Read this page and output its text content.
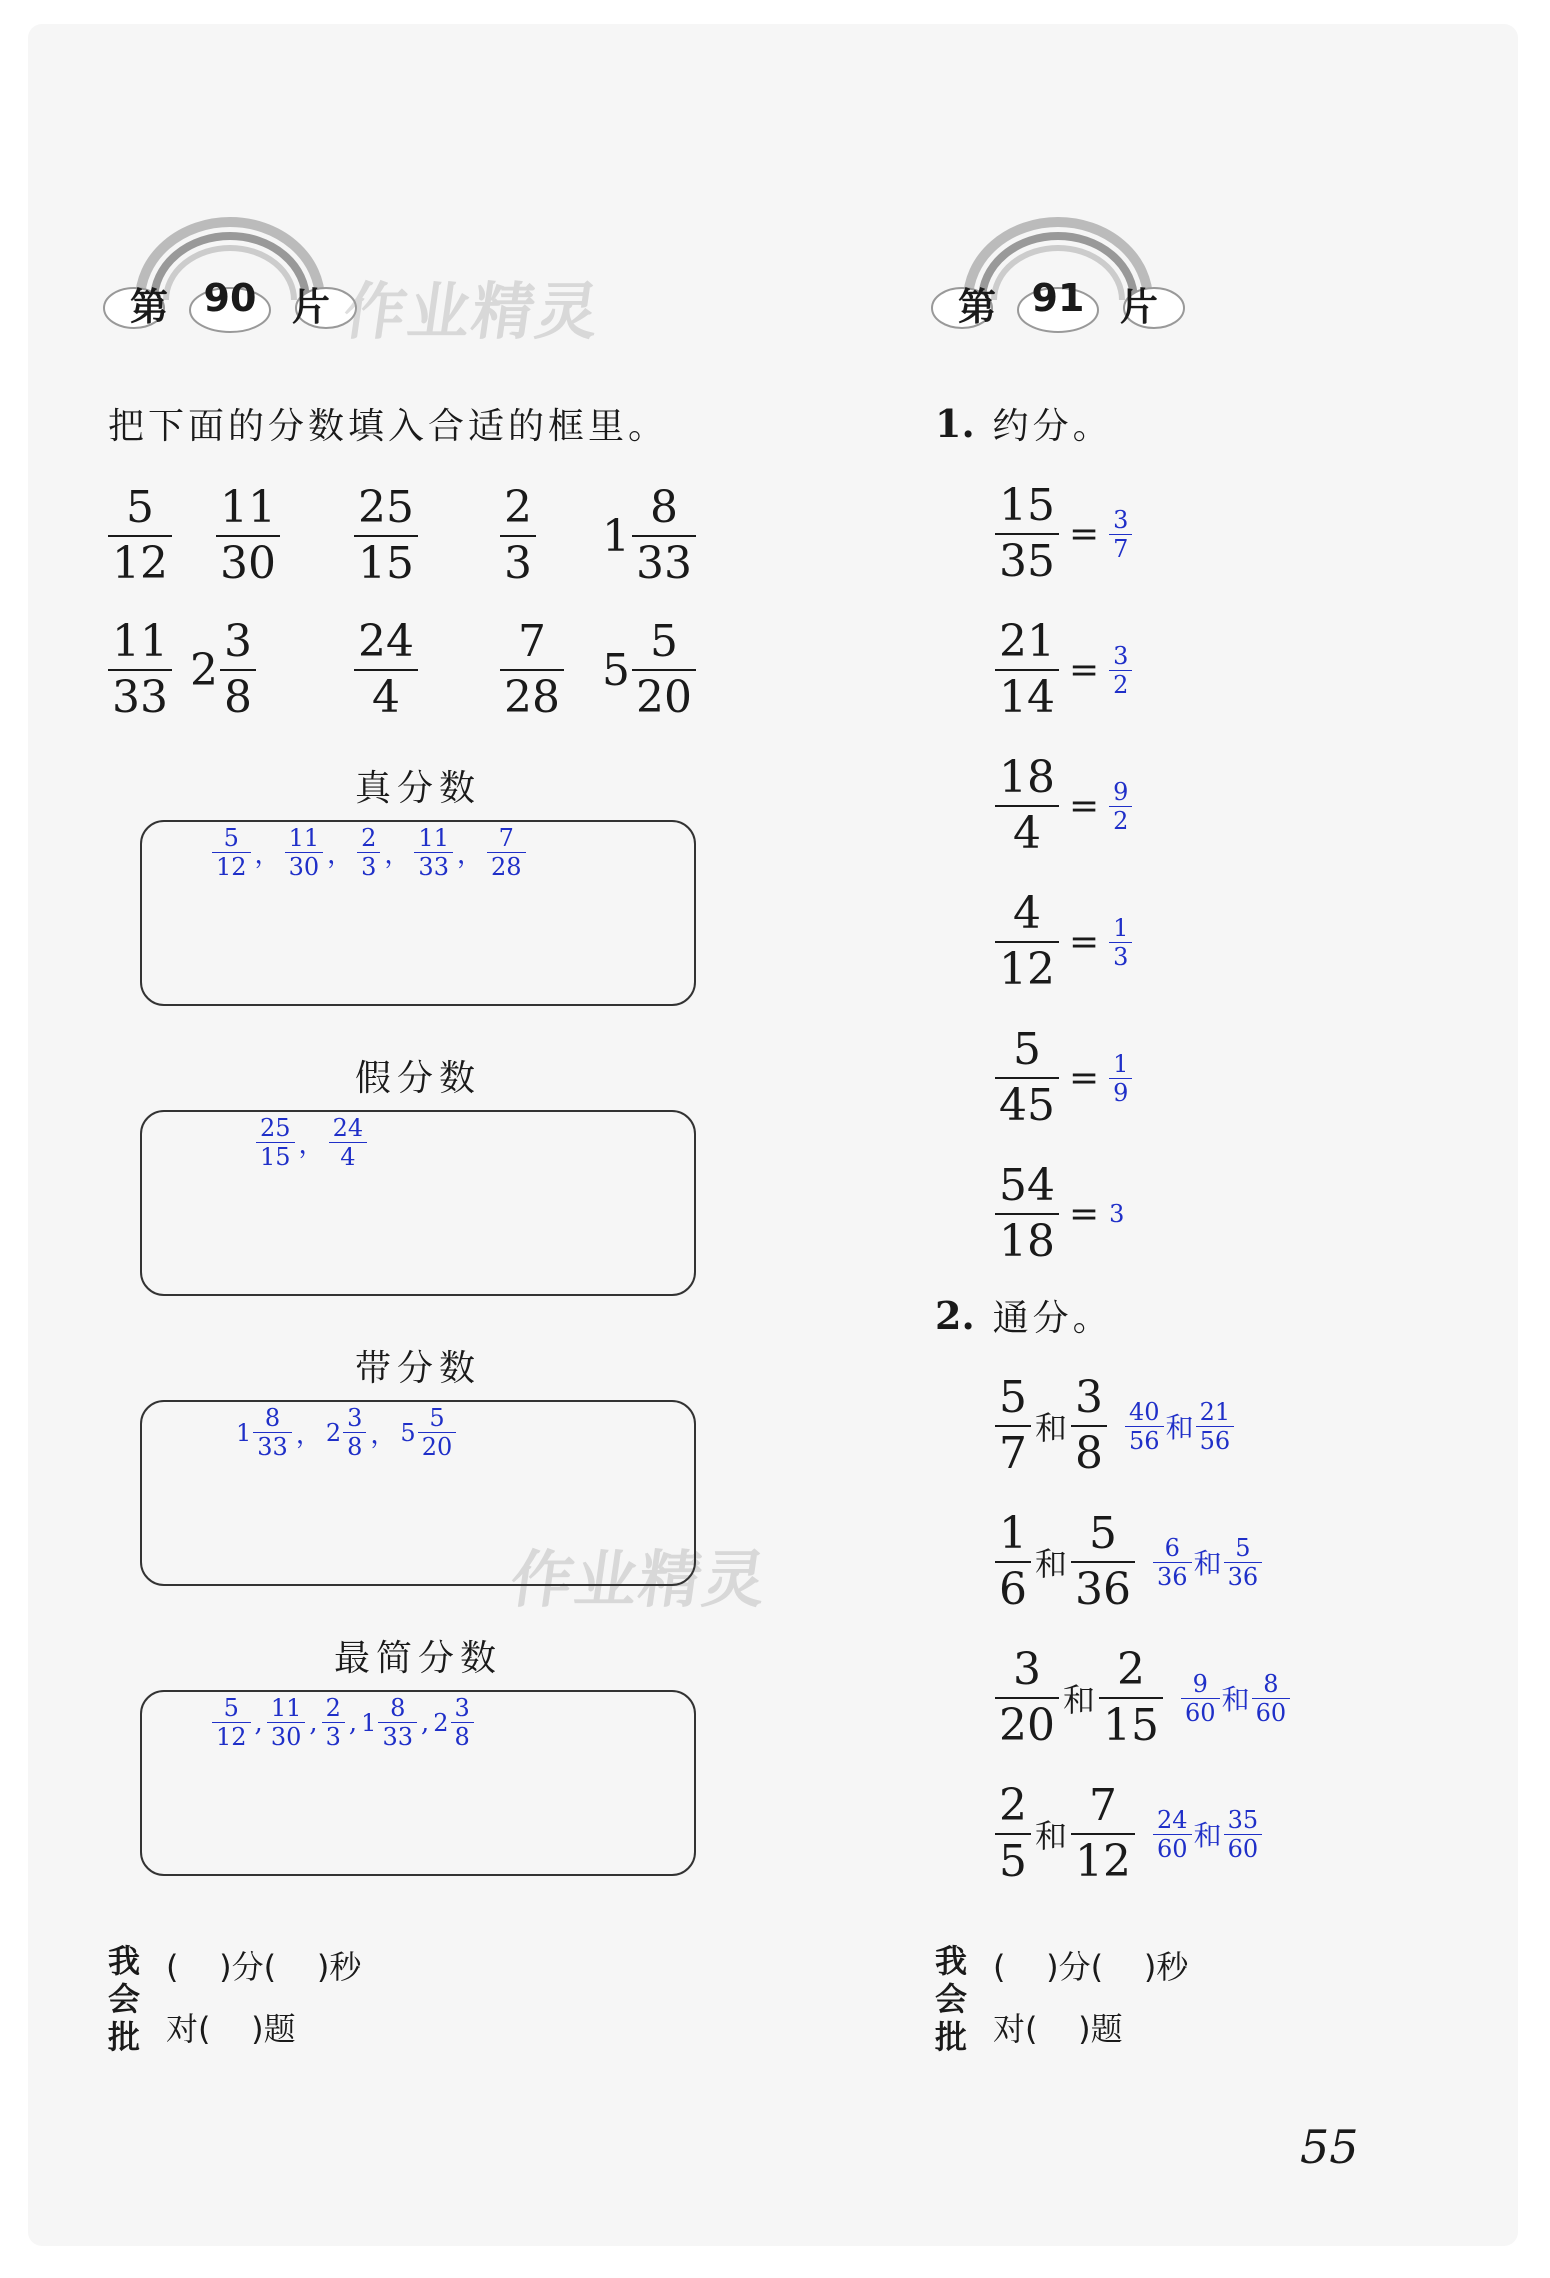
第 90 片	第 91 片
作业精灵
作业精灵
把下面的分数填入合适的框里。
$\frac{5}{12} \frac{11}{30} \frac{25}{15} \frac{2}{3} 1 \frac{8}{33}$
$\frac{11}{33} 2 \frac{3}{8} \frac{24}{4} \frac{7}{28} 5 \frac{5}{20}$
真分数
$\frac{5}{12}$ ， $\frac{11}{30}$ ， $\frac{2}{3}$ ， $\frac{11}{33}$ ， $\frac{7}{28}$
假分数
$\frac{25}{15}$ ， $\frac{24}{4}$
带分数
$1 \frac{8}{33}$ ， $2 \frac{3}{8}$ ， $5 \frac{5}{20}$
最简分数
$\frac{5}{12}$ , $\frac{11}{30}$ , $\frac{2}{3}$ , $1 \frac{8}{33}$ , $2 \frac{3}{8}$
我
会
批
(    )分(    )秒
对(    )题
1. 约分。
$\frac{15}{35} = \frac{3}{7}$
$\frac{21}{14} = \frac{3}{2}$
$\frac{18}{4} = \frac{9}{2}$
$\frac{4}{12} = \frac{1}{3}$
$\frac{5}{45} = \frac{1}{9}$
$\frac{54}{18} = 3$
2. 通分。
$\frac{5}{7}$ 和 $\frac{3}{8} \frac{40}{56}$ 和 $\frac{21}{56}$
$\frac{1}{6}$ 和 $\frac{5}{36} \frac{6}{36}$ 和 $\frac{5}{36}$
$\frac{3}{20}$ 和 $\frac{2}{15} \frac{9}{60}$ 和 $\frac{8}{60}$
$\frac{2}{5}$ 和 $\frac{7}{12} \frac{24}{60}$ 和 $\frac{35}{60}$
我
会
批
(    )分(    )秒
对(    )题
55
